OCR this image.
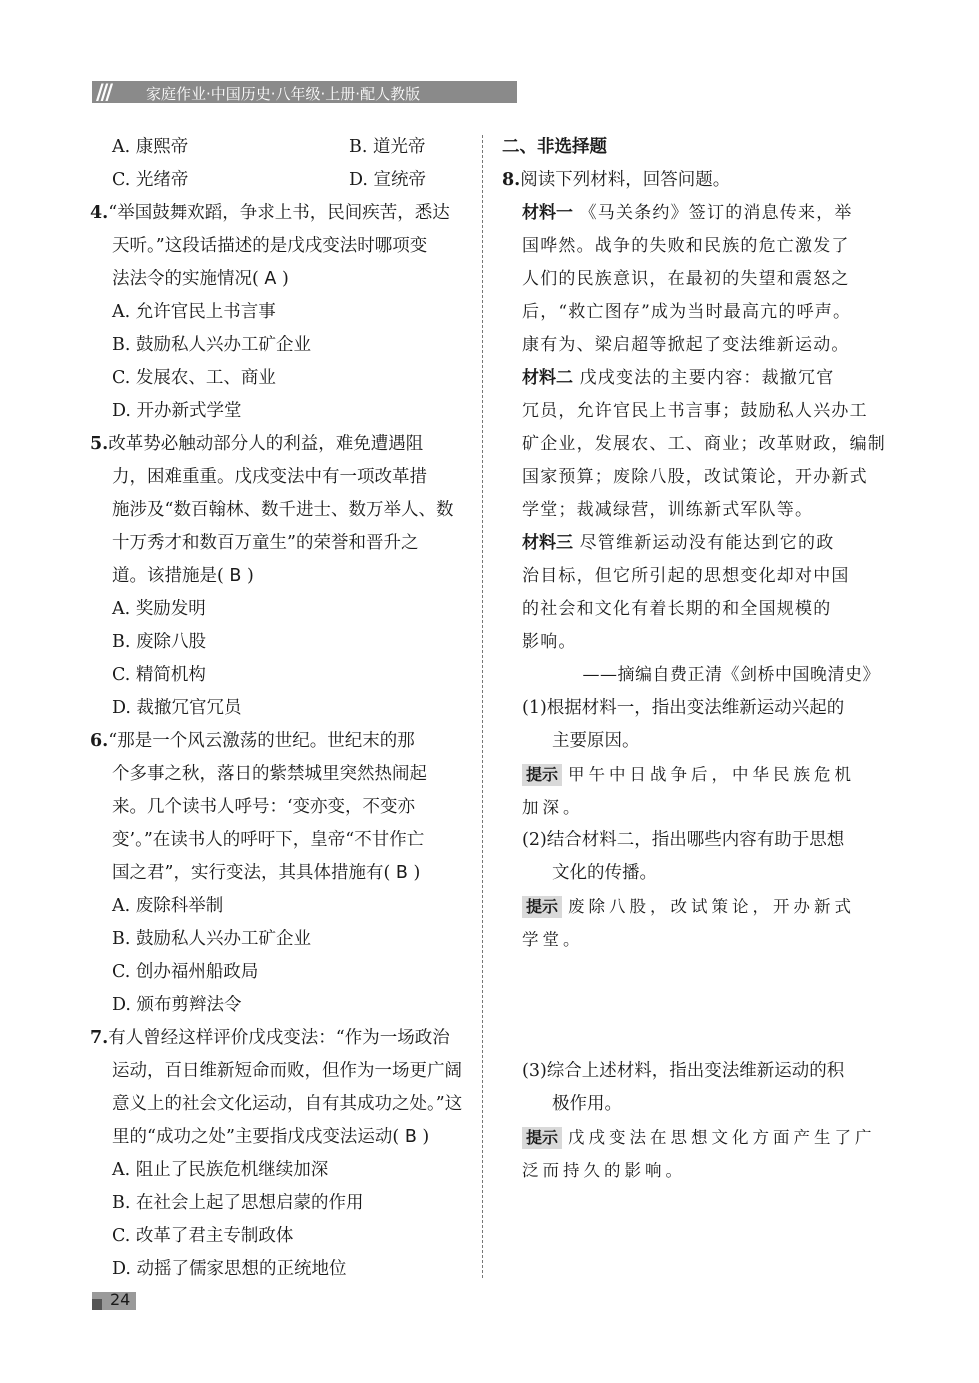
/// 家庭作业·中国历史·八年级·上册·配人教版
A. 康熙帝	B. 道光帝
C. 光绪帝	D. 宣统帝
4.“举国鼓舞欢蹈，争求上书，民间疾苦，悉达
天听。”这段话描述的是戊戌变法时哪项变
法法令的实施情况( A )
A. 允许官民上书言事
B. 鼓励私人兴办工矿企业
C. 发展农、工、商业
D. 开办新式学堂
5.改革势必触动部分人的利益，难免遭遇阻
力，困难重重。戊戌变法中有一项改革措
施涉及“数百翰林、数千进士、数万举人、数
十万秀才和数百万童生”的荣誉和晋升之
道。该措施是( B )
A. 奖励发明
B. 废除八股
C. 精简机构
D. 裁撤冗官冗员
6.“那是一个风云激荡的世纪。世纪末的那
个多事之秋，落日的紫禁城里突然热闹起
来。几个读书人呼号：‘变亦变，不变亦
变’。”在读书人的呼吁下，皇帝“不甘作亡
国之君”，实行变法，其具体措施有( B )
A. 废除科举制
B. 鼓励私人兴办工矿企业
C. 创办福州船政局
D. 颁布剪辫法令
7.有人曾经这样评价戊戌变法：“作为一场政治
运动，百日维新短命而败，但作为一场更广阔
意义上的社会文化运动，自有其成功之处。”这
里的“成功之处”主要指戊戌变法运动( B )
A. 阻止了民族危机继续加深
B. 在社会上起了思想启蒙的作用
C. 改革了君主专制政体
D. 动摇了儒家思想的正统地位
二、非选择题
8.阅读下列材料，回答问题。
材料一 《马关条约》签订的消息传来，举
国哗然。战争的失败和民族的危亡激发了
人们的民族意识，在最初的失望和震怒之
后，“救亡图存”成为当时最高亢的呼声。
康有为、梁启超等掀起了变法维新运动。
材料二 戊戌变法的主要内容：裁撤冗官
冗员，允许官民上书言事；鼓励私人兴办工
矿企业，发展农、工、商业；改革财政，编制
国家预算；废除八股，改试策论，开办新式
学堂；裁减绿营，训练新式军队等。
材料三 尽管维新运动没有能达到它的政
治目标，但它所引起的思想变化却对中国
的社会和文化有着长期的和全国规模的
影响。
——摘编自费正清《剑桥中国晚清史》
(1)根据材料一，指出变法维新运动兴起的
主要原因。
提示 甲午中日战争后，中华民族危机
加深。
(2)结合材料二，指出哪些内容有助于思想
文化的传播。
提示 废除八股，改试策论，开办新式
学堂。
(3)综合上述材料，指出变法维新运动的积
极作用。
提示 戊戌变法在思想文化方面产生了广
泛而持久的影响。
24
